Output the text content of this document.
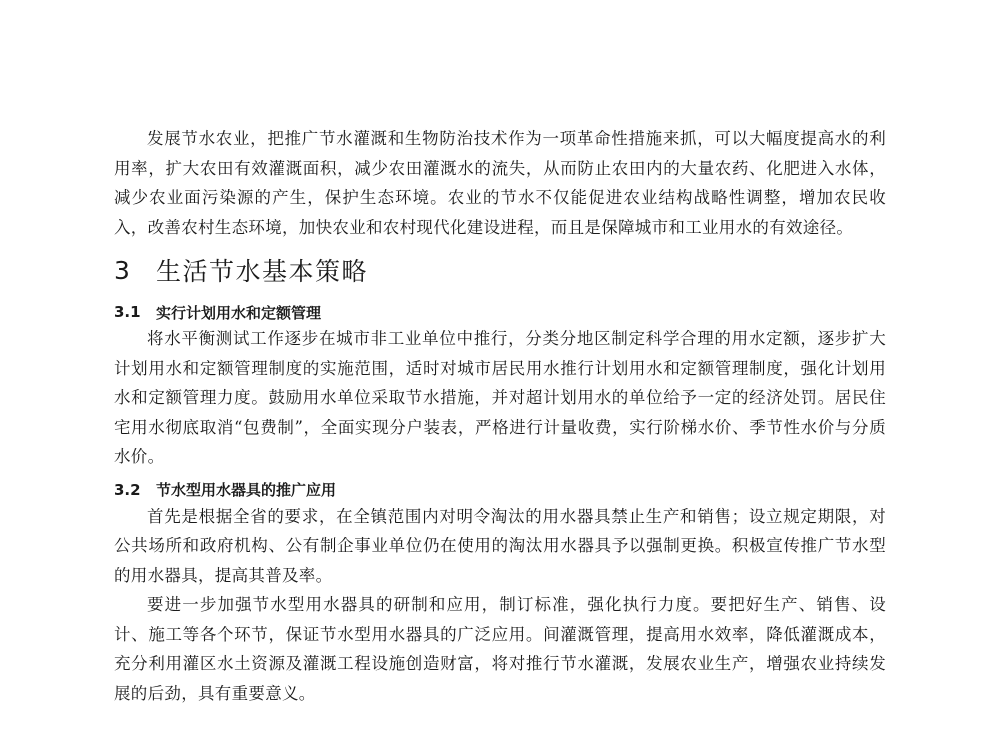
发展节水农业，把推广节水灌溉和生物防治技术作为一项革命性措施来抓，可以大幅度提高水的利用率，扩大农田有效灌溉面积，减少农田灌溉水的流失，从而防止农田内的大量农药、化肥进入水体，减少农业面污染源的产生，保护生态环境。农业的节水不仅能促进农业结构战略性调整，增加农民收入，改善农村生态环境，加快农业和农村现代化建设进程，而且是保障城市和工业用水的有效途径。

3 生活节水基本策略
3.1	实行计划用水和定额管理

将水平衡测试工作逐步在城市非工业单位中推行，分类分地区制定科学合理的用水定额，逐步扩大计划用水和定额管理制度的实施范围，适时对城市居民用水推行计划用水和定额管理制度，强化计划用水和定额管理力度。鼓励用水单位采取节水措施，并对超计划用水的单位给予一定的经济处罚。居民住宅用水彻底取消“包费制”，全面实现分户装表，严格进行计量收费，实行阶梯水价、季节性水价与分质水价。

3.2	节水型用水器具的推广应用

首先是根据全省的要求，在全镇范围内对明令淘汰的用水器具禁止生产和销售；设立规定期限，对公共场所和政府机构、公有制企事业单位仍在使用的淘汰用水器具予以强制更换。积极宣传推广节水型的用水器具，提高其普及率。

要进一步加强节水型用水器具的研制和应用，制订标准，强化执行力度。要把好生产、销售、设计、施工等各个环节，保证节水型用水器具的广泛应用。间灌溉管理，提高用水效率，降低灌溉成本，充分利用灌区水土资源及灌溉工程设施创造财富，将对推行节水灌溉，发展农业生产，增强农业持续发展的后劲，具有重要意义。
